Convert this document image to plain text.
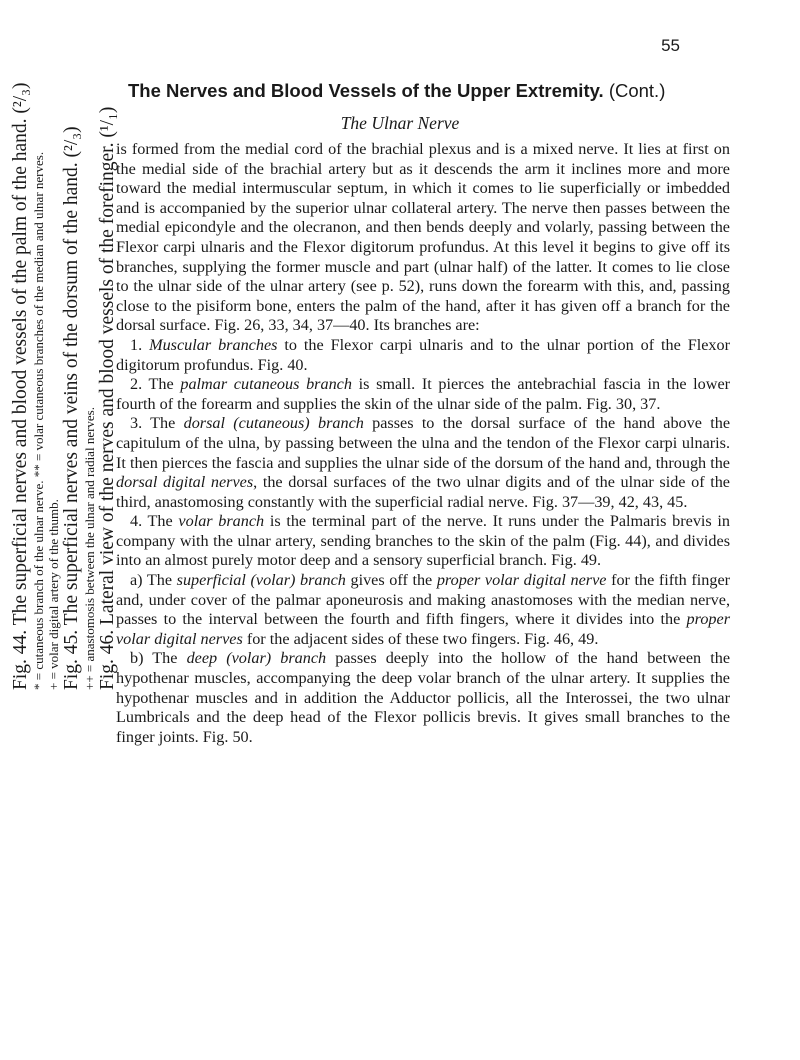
55
The Nerves and Blood Vessels of the Upper Extremity. (Cont.)
Fig. 44. The superficial nerves and blood vessels of the palm of the hand. (²/₃) * = cutaneous branch of the ulnar nerve. ** = volar cutaneous branches of the median and ulnar nerves. + = volar digital artery of the thumb. Fig. 45. The superficial nerves and veins of the dorsum of the hand. (²/₃) ++ = anastomosis between the ulnar and radial nerves. Fig. 46. Lateral view of the nerves and blood vessels of the forefinger. (¹/₁)	The Ulnar Nerve

is formed from the medial cord of the brachial plexus and is a mixed nerve. It lies at first on the medial side of the brachial artery but as it descends the arm it inclines more and more toward the medial intermuscular septum, in which it comes to lie superficially or imbedded and is accompanied by the superior ulnar collateral artery. The nerve then passes between the medial epicondyle and the olecranon, and then bends deeply and volarly, passing between the Flexor carpi ulnaris and the Flexor digitorum profundus. At this level it begins to give off its branches, supplying the former muscle and part (ulnar half) of the latter. It comes to lie close to the ulnar side of the ulnar artery (see p. 52), runs down the forearm with this, and, passing close to the pisiform bone, enters the palm of the hand, after it has given off a branch for the dorsal surface. Fig. 26, 33, 34, 37—40. Its branches are:

1. Muscular branches to the Flexor carpi ulnaris and to the ulnar portion of the Flexor digitorum profundus. Fig. 40.

2. The palmar cutaneous branch is small. It pierces the antebrachial fascia in the lower fourth of the forearm and supplies the skin of the ulnar side of the palm. Fig. 30, 37.

3. The dorsal (cutaneous) branch passes to the dorsal surface of the hand above the capitulum of the ulna, by passing between the ulna and the tendon of the Flexor carpi ulnaris. It then pierces the fascia and supplies the ulnar side of the dorsum of the hand and, through the dorsal digital nerves, the dorsal surfaces of the two ulnar digits and of the ulnar side of the third, anastomosing constantly with the superficial radial nerve. Fig. 37—39, 42, 43, 45.

4. The volar branch is the terminal part of the nerve. It runs under the Palmaris brevis in company with the ulnar artery, sending branches to the skin of the palm (Fig. 44), and divides into an almost purely motor deep and a sensory superficial branch. Fig. 49.

a) The superficial (volar) branch gives off the proper volar digital nerve for the fifth finger and, under cover of the palmar aponeurosis and making anastomoses with the median nerve, passes to the interval between the fourth and fifth fingers, where it divides into the proper volar digital nerves for the adjacent sides of these two fingers. Fig. 46, 49.

b) The deep (volar) branch passes deeply into the hollow of the hand between the hypothenar muscles, accompanying the deep volar branch of the ulnar artery. It supplies the hypothenar muscles and in addition the Adductor pollicis, all the Interossei, the two ulnar Lumbricals and the deep head of the Flexor pollicis brevis. It gives small branches to the finger joints. Fig. 50.
